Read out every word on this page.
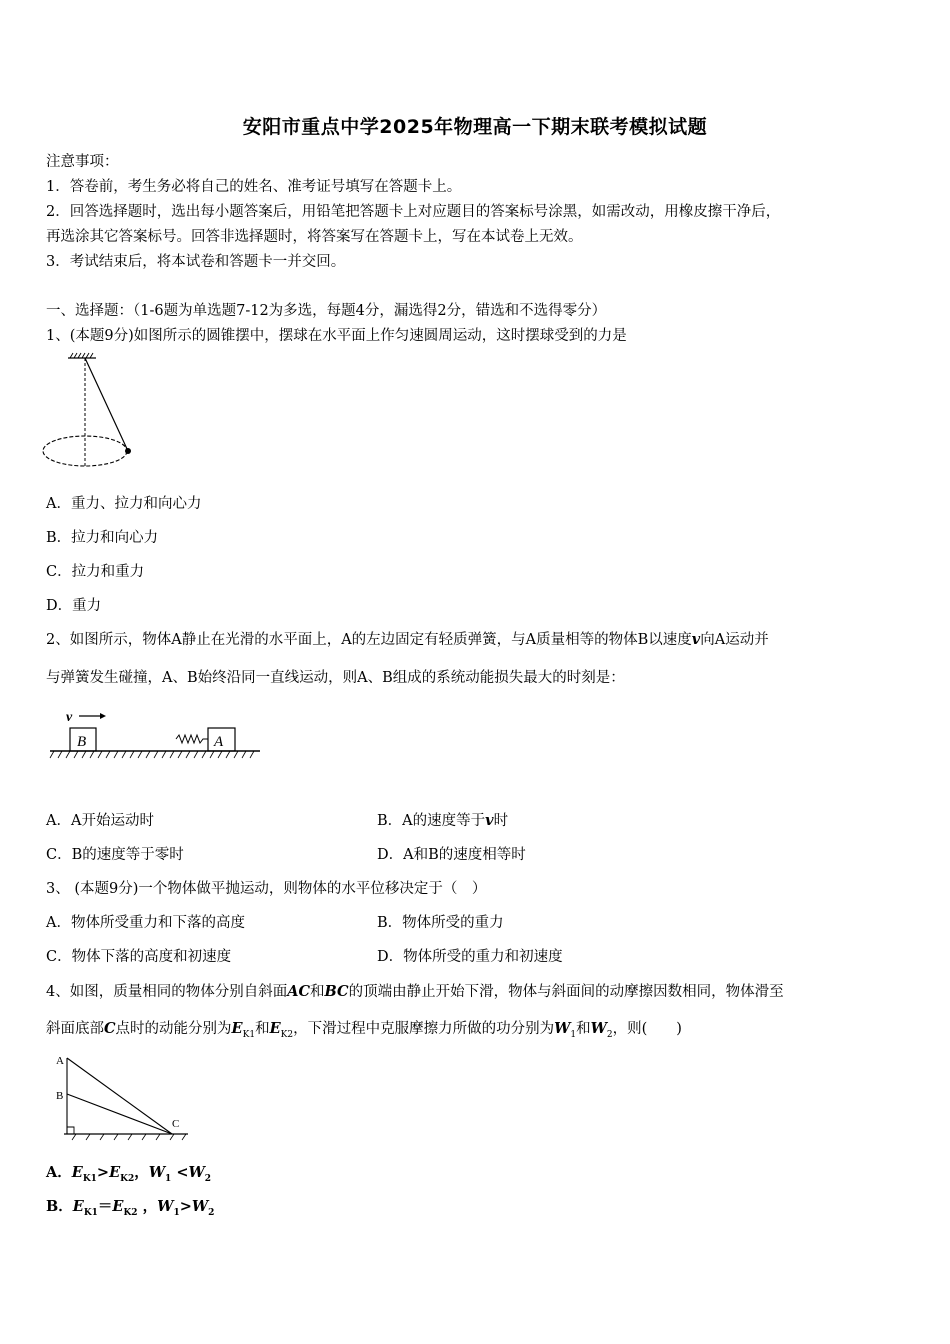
安阳市重点中学2025年物理高一下期末联考模拟试题
注意事项：
1．答卷前，考生务必将自己的姓名、准考证号填写在答题卡上。
2．回答选择题时，选出每小题答案后，用铅笔把答题卡上对应题目的答案标号涂黑，如需改动，用橡皮擦干净后，
再选涂其它答案标号。回答非选择题时，将答案写在答题卡上，写在本试卷上无效。
3．考试结束后，将本试卷和答题卡一并交回。
一、选择题：（1-6题为单选题7-12为多选，每题4分，漏选得2分，错选和不选得零分）
1、(本题9分)如图所示的圆锥摆中，摆球在水平面上作匀速圆周运动，这时摆球受到的力是
A．重力、拉力和向心力
B．拉力和向心力
C．拉力和重力
D．重力
2、如图所示，物体A静止在光滑的水平面上，A的左边固定有轻质弹簧，与A质量相等的物体B以速度v向A运动并
与弹簧发生碰撞，A、B始终沿同一直线运动，则A、B组成的系统动能损失最大的时刻是：
v
B	A
A．A开始运动时	B．A的速度等于v时
C．B的速度等于零时	D．A和B的速度相等时
3、 (本题9分)一个物体做平抛运动，则物体的水平位移决定于（　）
A．物体所受重力和下落的高度	B．物体所受的重力
C．物体下落的高度和初速度	D．物体所受的重力和初速度
4、如图，质量相同的物体分别自斜面AC和BC的顶端由静止开始下滑，物体与斜面间的动摩擦因数相同，物体滑至
斜面底部C点时的动能分别为$E_{K1}$和$E_{K2}$，下滑过程中克服摩擦力所做的功分别为$W_1$和$W_2$，则(　　)
A
B
C
A．$E_{K1}>E_{K2}$，$W_1 <W_2$
B．$E_{K1}=E_{K2}$ ，$W_1>W_2$
